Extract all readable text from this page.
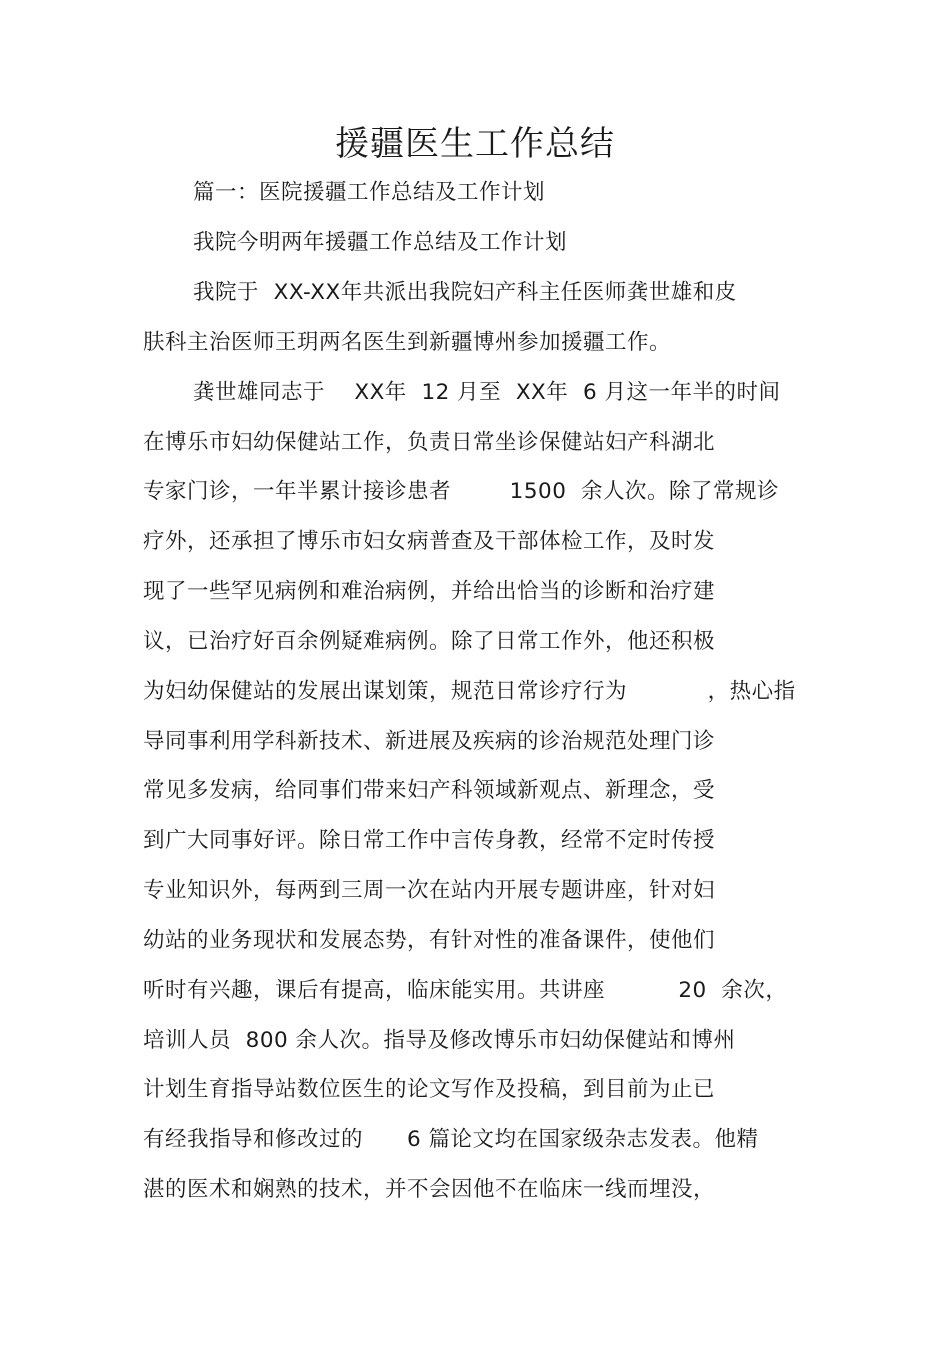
援疆医生工作总结
篇一：医院援疆工作总结及工作计划
我院今明两年援疆工作总结及工作计划
我院于  XX-XX年共派出我院妇产科主任医师龚世雄和皮
肤科主治医师王玥两名医生到新疆博州参加援疆工作。
龚世雄同志于    XX年  12 月至  XX年  6 月这一年半的时间
在博乐市妇幼保健站工作，负责日常坐诊保健站妇产科湖北
专家门诊，一年半累计接诊患者        1500  余人次。除了常规诊
疗外，还承担了博乐市妇女病普查及干部体检工作，及时发
现了一些罕见病例和难治病例，并给出恰当的诊断和治疗建
议，已治疗好百余例疑难病例。除了日常工作外，他还积极
为妇幼保健站的发展出谋划策，规范日常诊疗行为           ，热心指
导同事利用学科新技术、新进展及疾病的诊治规范处理门诊
常见多发病，给同事们带来妇产科领域新观点、新理念，受
到广大同事好评。除日常工作中言传身教，经常不定时传授
专业知识外，每两到三周一次在站内开展专题讲座，针对妇
幼站的业务现状和发展态势，有针对性的准备课件，使他们
听时有兴趣，课后有提高，临床能实用。共讲座          20  余次，
培训人员  800 余人次。指导及修改博乐市妇幼保健站和博州
计划生育指导站数位医生的论文写作及投稿，到目前为止已
有经我指导和修改过的      6 篇论文均在国家级杂志发表。他精
湛的医术和娴熟的技术，并不会因他不在临床一线而埋没，
